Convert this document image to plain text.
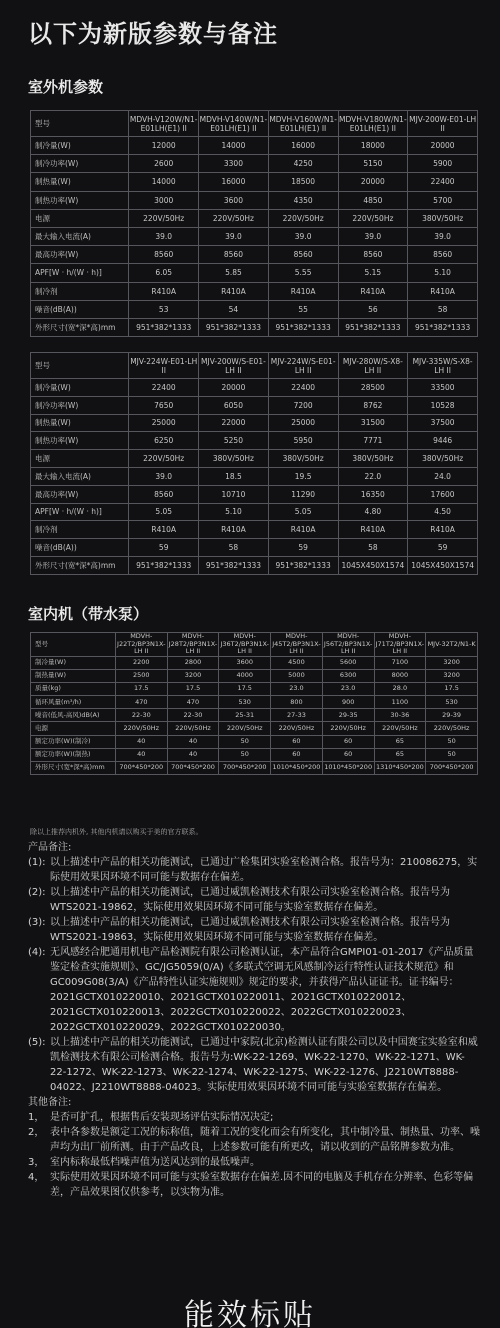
以下为新版参数与备注
室外机参数
型号	MDVH-V120W/N1-E01LH(E1) II	MDVH-V140W/N1-E01LH(E1) II	MDVH-V160W/N1-E01LH(E1) II	MDVH-V180W/N1-E01LH(E1) II	MJV-200W-E01-LH II
制冷量(W)	12000	14000	16000	18000	20000
制冷功率(W)	2600	3300	4250	5150	5900
制热量(W)	14000	16000	18500	20000	22400
制热功率(W)	3000	3600	4350	4850	5700
电源	220V/50Hz	220V/50Hz	220V/50Hz	220V/50Hz	380V/50Hz
最大输入电流(A)	39.0	39.0	39.0	39.0	39.0
最高功率(W)	8560	8560	8560	8560	8560
APF[W · h/(W · h)]	6.05	5.85	5.55	5.15	5.10
制冷剂	R410A	R410A	R410A	R410A	R410A
噪音(dB(A))	53	54	55	56	58
外形尺寸(宽*深*高)mm	951*382*1333	951*382*1333	951*382*1333	951*382*1333	951*382*1333
型号	MJV-224W-E01-LH II	MJV-200W/S-E01-LH II	MJV-224W/S-E01-LH II	MJV-280W/S-X8-LH II	MJV-335W/S-X8-LH II
制冷量(W)	22400	20000	22400	28500	33500
制冷功率(W)	7650	6050	7200	8762	10528
制热量(W)	25000	22000	25000	31500	37500
制热功率(W)	6250	5250	5950	7771	9446
电源	220V/50Hz	380V/50Hz	380V/50Hz	380V/50Hz	380V/50Hz
最大输入电流(A)	39.0	18.5	19.5	22.0	24.0
最高功率(W)	8560	10710	11290	16350	17600
APF[W · h/(W · h)]	5.05	5.10	5.05	4.80	4.50
制冷剂	R410A	R410A	R410A	R410A	R410A
噪音(dB(A))	59	58	59	58	59
外形尺寸(宽*深*高)mm	951*382*1333	951*382*1333	951*382*1333	1045X450X1574	1045X450X1574
室内机（带水泵）
型号	MDVH-J22T2/BP3N1X-LH II	MDVH-J28T2/BP3N1X-LH II	MDVH-J36T2/BP3N1X-LH II	MDVH-J45T2/BP3N1X-LH II	MDVH-J56T2/BP3N1X-LH II	MDVH-J71T2/BP3N1X-LH II	MJV-32T2/N1-K
制冷量(W)	2200	2800	3600	4500	5600	7100	3200
制热量(W)	2500	3200	4000	5000	6300	8000	3200
质量(kg)	17.5	17.5	17.5	23.0	23.0	28.0	17.5
循环风量(m³/h)	470	470	530	800	900	1100	530
噪音(低风-高风)dB(A)	22-30	22-30	25-31	27-33	29-35	30-36	29-39
电源	220V/50Hz	220V/50Hz	220V/50Hz	220V/50Hz	220V/50Hz	220V/50Hz	220V/50Hz
额定功率(W)(制冷)	40	40	50	60	60	65	50
额定功率(W)(制热)	40	40	50	60	60	65	50
外形尺寸(宽*深*高)mm	700*450*200	700*450*200	700*450*200	1010*450*200	1010*450*200	1310*450*200	700*450*200
除以上推荐内机外, 其他内机请以购买于美的官方联系。

产品备注:

(1): 以上描述中产品的相关功能测试，已通过广检集团实验室检测合格。报告号为：210086275，实际使用效果因环境不同可能与数据存在偏差。
(2): 以上描述中产品的相关功能测试，已通过威凯检测技术有限公司实验室检测合格。报告号为WTS2021-19862，实际使用效果因环境不同可能与实验室数据存在偏差。
(3): 以上描述中产品的相关功能测试，已通过威凯检测技术有限公司实验室检测合格。报告号为WTS2021-19863，实际使用效果因环境不同可能与实验室数据存在偏差。
(4): 无风感经合肥通用机电产品检测院有限公司检测认证，本产品符合GMPI01-01-2017《产品质量鉴定检查实施规则》、GC/JG5059(0/A)《多联式空调无风感制冷运行特性认证技术规范》和GC009G08(3/A)《产品特性认证实施规则》规定的要求，并获得产品认证证书。证书编号：2021GCTX010220010、2021GCTX010220011、2021GCTX010220012、2021GCTX010220013、2022GCTX010220022、2022GCTX010220023、2022GCTX010220029、2022GCTX010220030。
(5): 以上描述中产品的相关功能测试，已通过中家院(北京)检测认证有限公司以及中国赛宝实验室和威凯检测技术有限公司检测合格。报告号为:WK-22-1269、WK-22-1270、WK-22-1271、WK-22-1272、WK-22-1273、WK-22-1274、WK-22-1275、WK-22-1276、J2210WT8888-04022、J2210WT8888-04023。实际使用效果因环境不同可能与实验室数据存在偏差。

其他备注:

1， 是否可扩孔，根据售后安装现场评估实际情况决定;
2， 表中各参数是额定工况的标称值，随着工况的变化而会有所变化，其中制冷量、制热量、功率、噪声均为出厂前所测。由于产品改良，上述参数可能有所更改，请以收到的产品铭牌参数为准。
3， 室内标称最低档噪声值为送风达到的最低噪声。
4， 实际使用效果因环境不同可能与实验室数据存在偏差.因不同的电脑及手机存在分辨率、色彩等偏差，产品效果图仅供参考，以实物为准。
能效标贴
